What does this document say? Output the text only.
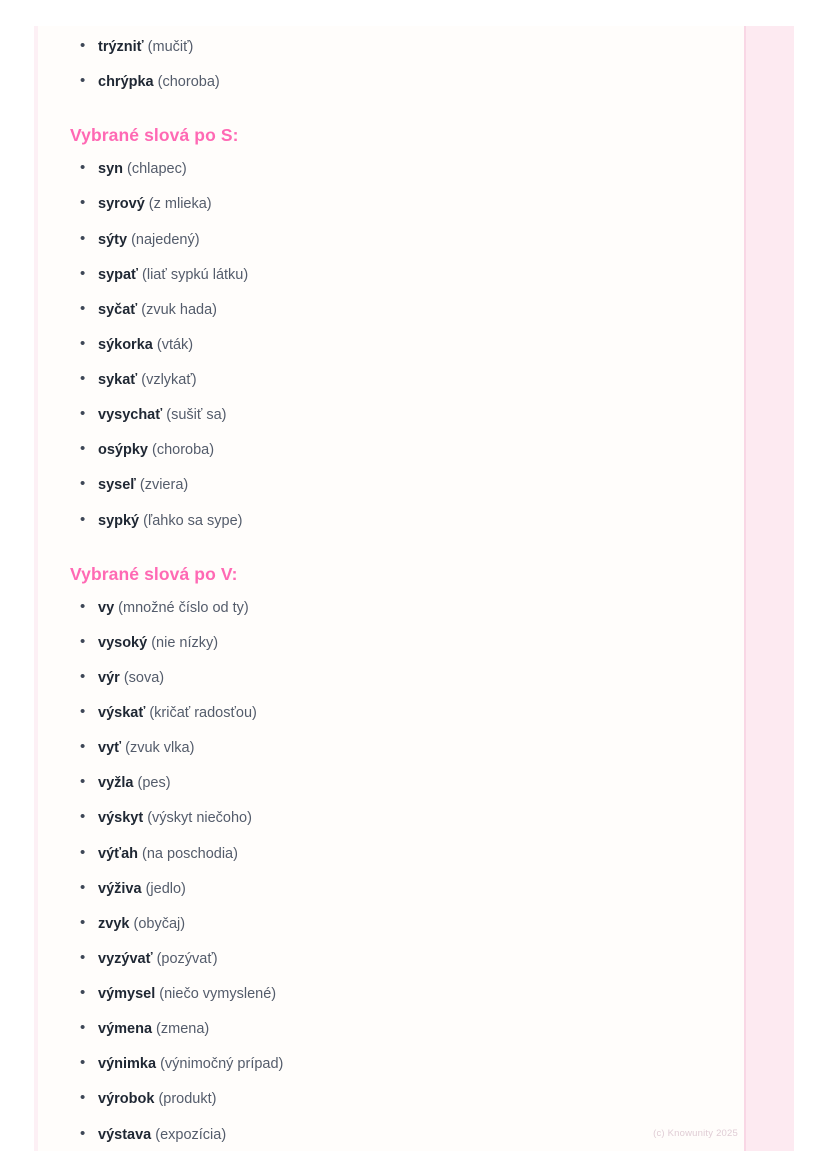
• trýzniť (mučiť)
• chrýpka (choroba)
Vybrané slová po S:
• syn (chlapec)
• syrový (z mlieka)
• sýty (najedený)
• sypať (liať sypkú látku)
• syčať (zvuk hada)
• sýkorka (vták)
• sykať (vzlykať)
• vysychať (sušiť sa)
• osýpky (choroba)
• syseľ (zviera)
• sypký (ľahko sa sype)
Vybrané slová po V:
• vy (množné číslo od ty)
• vysoký (nie nízky)
• výr (sova)
• výskať (kričať radosťou)
• vyť (zvuk vlka)
• vyžla (pes)
• výskyt (výskyt niečoho)
• výťah (na poschodia)
• výživa (jedlo)
• zvyk (obyčaj)
• vyzývať (pozývať)
• výmysel (niečo vymyslené)
• výmena (zmena)
• výnimka (výnimočný prípad)
• výrobok (produkt)
• výstava (expozícia)	(c) Knowunity 2025
